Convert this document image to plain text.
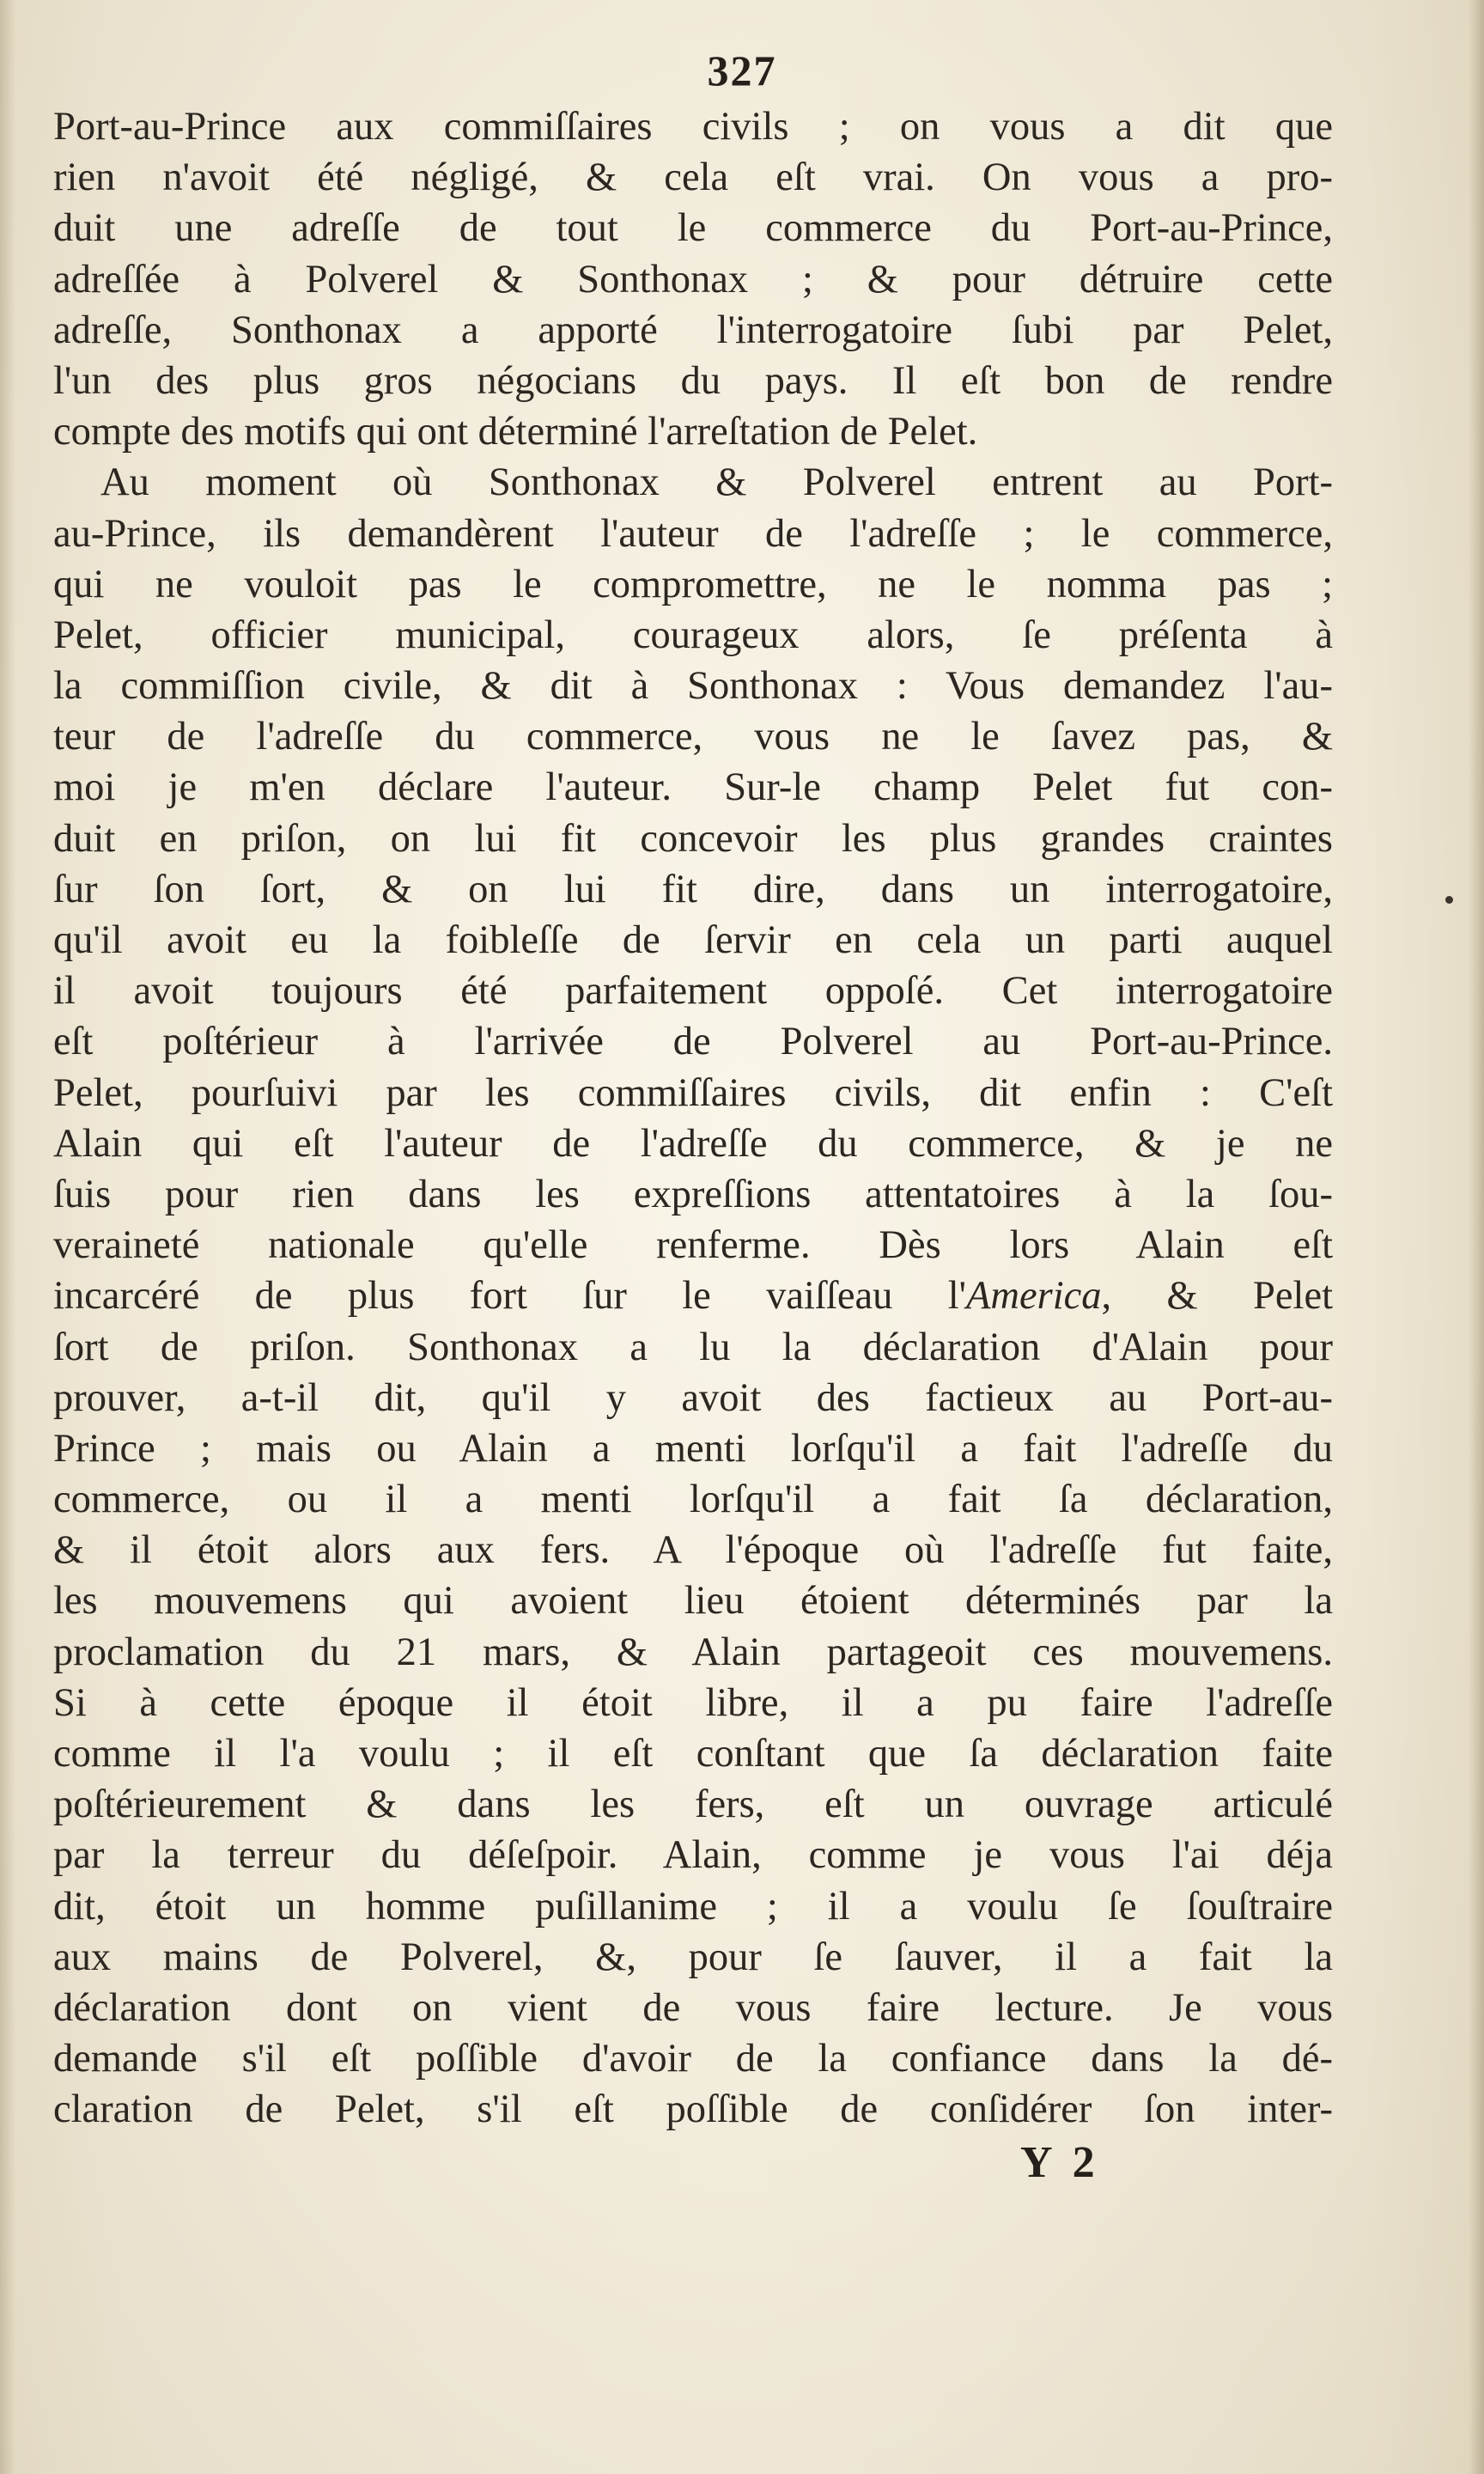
327
Port-au-Prince aux commiſſaires civils ; on vous a dit que
rien n'avoit été négligé, & cela eſt vrai. On vous a pro-
duit une adreſſe de tout le commerce du Port-au-Prince,
adreſſée à Polverel & Sonthonax ; & pour détruire cette
adreſſe, Sonthonax a apporté l'interrogatoire ſubi par Pelet,
l'un des plus gros négocians du pays. Il eſt bon de rendre
compte des motifs qui ont déterminé l'arreſtation de Pelet.
Au moment où Sonthonax & Polverel entrent au Port-
au-Prince, ils demandèrent l'auteur de l'adreſſe ; le commerce,
qui ne vouloit pas le compromettre, ne le nomma pas ;
Pelet, officier municipal, courageux alors, ſe préſenta à
la commiſſion civile, & dit à Sonthonax : Vous demandez l'au-
teur de l'adreſſe du commerce, vous ne le ſavez pas, &
moi je m'en déclare l'auteur. Sur-le champ Pelet fut con-
duit en priſon, on lui fit concevoir les plus grandes craintes
ſur ſon ſort, & on lui fit dire, dans un interrogatoire,
qu'il avoit eu la foibleſſe de ſervir en cela un parti auquel
il avoit toujours été parfaitement oppoſé. Cet interrogatoire
eſt poſtérieur à l'arrivée de Polverel au Port-au-Prince.
Pelet, pourſuivi par les commiſſaires civils, dit enfin : C'eſt
Alain qui eſt l'auteur de l'adreſſe du commerce, & je ne
ſuis pour rien dans les expreſſions attentatoires à la ſou-
veraineté nationale qu'elle renferme. Dès lors Alain eſt
incarcéré de plus fort ſur le vaiſſeau l'America, & Pelet
ſort de priſon. Sonthonax a lu la déclaration d'Alain pour
prouver, a-t-il dit, qu'il y avoit des factieux au Port-au-
Prince ; mais ou Alain a menti lorſqu'il a fait l'adreſſe du
commerce, ou il a menti lorſqu'il a fait ſa déclaration,
& il étoit alors aux fers. A l'époque où l'adreſſe fut faite,
les mouvemens qui avoient lieu étoient déterminés par la
proclamation du 21 mars, & Alain partageoit ces mouvemens.
Si à cette époque il étoit libre, il a pu faire l'adreſſe
comme il l'a voulu ; il eſt conſtant que ſa déclaration faite
poſtérieurement & dans les fers, eſt un ouvrage articulé
par la terreur du déſeſpoir. Alain, comme je vous l'ai déja
dit, étoit un homme puſillanime ; il a voulu ſe ſouſtraire
aux mains de Polverel, &, pour ſe ſauver, il a fait la
déclaration dont on vient de vous faire lecture. Je vous
demande s'il eſt poſſible d'avoir de la confiance dans la dé-
claration de Pelet, s'il eſt poſſible de conſidérer ſon inter-
Y 2
